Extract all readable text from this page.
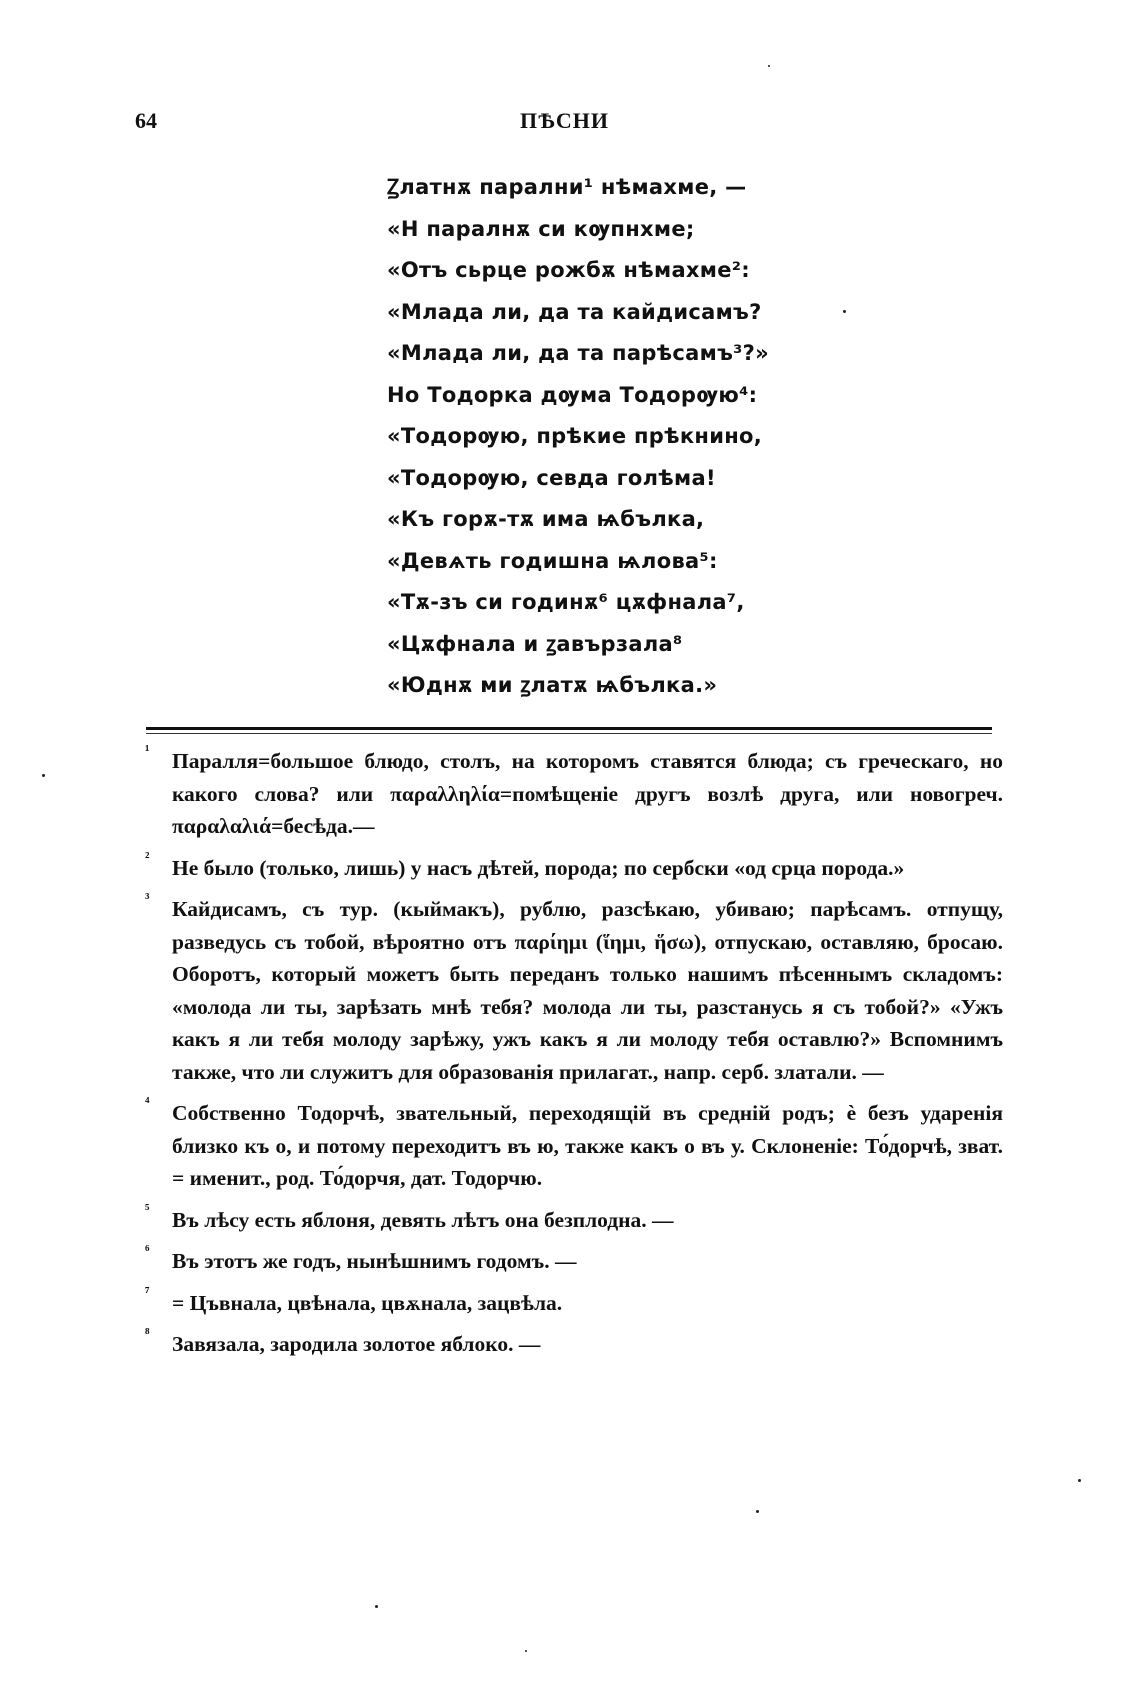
64	ПѢСНИ
Ꙁлатнѫ парални¹ нѣмахме, —
«Н паралнѫ си кѹпнхме;
«Отъ сьрце рожбѫ нѣмахме²:
«Млада ли, да та кайдисамъ?
«Млада ли, да та парѣсамъ³?»
Но Тодорка дѹма Тодорѹю⁴:
«Тодорѹю, прѣкие прѣкнино,
«Тодорѹю, севда голѣма!
«Къ горѫ-тѫ има ѩбълка,
«Девѧть годишна ѩлова⁵:
«Тѫ-зъ си годинѫ⁶ цѫфнала⁷,
«Цѫфнала и ꙁавързала⁸
«Юднѫ ми ꙁлатѫ ѩбълка.»
¹ Паралля=большое блюдо, столъ, на которомъ ставятся блюда; съ греческаго, но какого слова? или παραλληλία=помѣщеніе другъ возлѣ друга, или новогреч. παραλαλιά=бесѣда.—
² Не было (только, лишь) у насъ дѣтей, порода; по сербски «од срца порода.»
³ Кайдисамъ, съ тур. (кыймакъ), рублю, разсѣкаю, убиваю; парѣсамъ. отпущу, разведусь съ тобой, вѣроятно отъ παρίημι (ἵημι, ἥσω), отпускаю, оставляю, бросаю. Оборотъ, который можетъ быть переданъ только нашимъ пѣсеннымъ складомъ: «молода ли ты, зарѣзать мнѣ тебя? молода ли ты, разстанусь я съ тобой?» «Ужъ какъ я ли тебя молоду зарѣжу, ужъ какъ я ли молоду тебя оставлю?» Вспомнимъ также, что ли служитъ для образованія прилагат., напр. серб. златали. —
⁴ Собственно Тодорчѣ, звательный, переходящій въ средній родъ; ѐ безъ ударенія близко къ о, и потому переходитъ въ ю, также какъ о въ у. Склоненіе: То́дорчѣ, зват. = именит., род. То́дорчя, дат. Тодорчю.
⁵ Въ лѣсу есть яблоня, девять лѣтъ она безплодна. —
⁶ Въ этотъ же годъ, нынѣшнимъ годомъ. —
⁷ = Цъвнала, цвѣнала, цвѫнала, зацвѣла.
⁸ Завязала, зародила золотое яблоко. —
